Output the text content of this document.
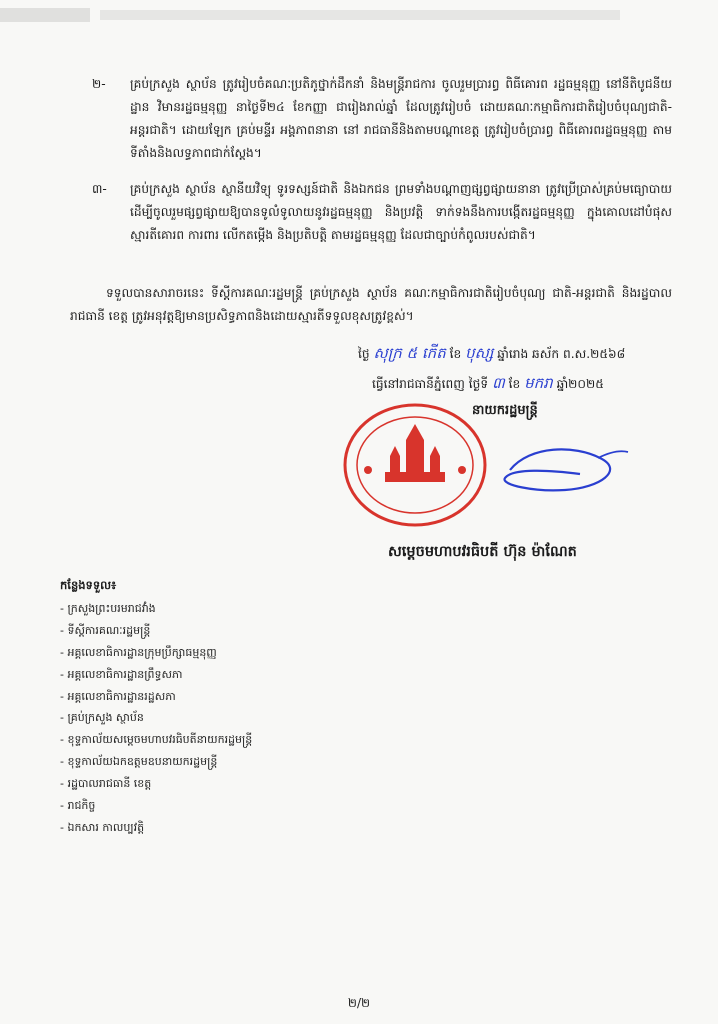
២-	គ្រប់ក្រសួង ស្ថាប័ន ត្រូវរៀបចំគណៈប្រតិភូថ្នាក់ដឹកនាំ និងមន្ត្រីរាជការ ចូលរួមប្រារព្ធ ពិធីគោរព រដ្ឋធម្មនុញ្ញ នៅនីតិបូជនីយដ្ឋាន វិមានរដ្ឋធម្មនុញ្ញ នាថ្ងៃទី២៤ ខែកញ្ញា ជារៀងរាល់ឆ្នាំ ដែលត្រូវរៀបចំ ដោយគណៈកម្មាធិការជាតិរៀបចំបុណ្យជាតិ-អន្តរជាតិ។ ដោយឡែក គ្រប់មន្ទីរ អង្គភាពនានា នៅ រាជធានីនិងតាមបណ្តាខេត្ត ត្រូវរៀបចំប្រារព្ធ ពិធីគោរពរដ្ឋធម្មនុញ្ញ តាមទីតាំងនិងលទ្ធភាពជាក់ស្តែង។
៣-	គ្រប់ក្រសួង ស្ថាប័ន ស្ថានីយវិទ្យុ ទូរទស្សន៍ជាតិ និងឯកជន ព្រមទាំងបណ្តាញផ្សព្វផ្សាយនានា ត្រូវប្រើប្រាស់គ្រប់មធ្យោបាយដើម្បីចូលរួមផ្សព្វផ្សាយឱ្យបានទូលំទូលាយនូវរដ្ឋធម្មនុញ្ញ និងប្រវត្តិ ទាក់ទងនឹងការបង្កើតរដ្ឋធម្មនុញ្ញ ក្នុងគោលដៅបំផុសស្មារតីគោរព ការពារ លើកតម្កើង និងប្រតិបត្តិ តាមរដ្ឋធម្មនុញ្ញ ដែលជាច្បាប់កំពូលរបស់ជាតិ។
ទទួលបានសារាចរនេះ ទីស្តីការគណៈរដ្ឋមន្ត្រី គ្រប់ក្រសួង ស្ថាប័ន គណៈកម្មាធិការជាតិរៀបចំបុណ្យ ជាតិ-អន្តរជាតិ និងរដ្ឋបាលរាជធានី ខេត្ត ត្រូវអនុវត្តឱ្យមានប្រសិទ្ធភាពនិងដោយស្មារតីទទួលខុសត្រូវខ្ពស់។
ថ្ងៃ សុក្រ ៥ កើត ខែ បុស្ស ឆ្នាំរោង ឆស័ក ព.ស.២៥៦៨
ធ្វើនៅរាជធានីភ្នំពេញ ថ្ងៃទី ៣ ខែ មករា ឆ្នាំ២០២៥
នាយករដ្ឋមន្ត្រី
សម្តេចមហាបវរធិបតី ហ៊ុន ម៉ាណែត
កន្លែងទទួល៖
- ក្រសួងព្រះបរមរាជវាំង
- ទីស្តីការគណៈរដ្ឋមន្ត្រី
- អគ្គលេខាធិការដ្ឋានក្រុមប្រឹក្សាធម្មនុញ្ញ
- អគ្គលេខាធិការដ្ឋានព្រឹទ្ធសភា
- អគ្គលេខាធិការដ្ឋានរដ្ឋសភា
- គ្រប់ក្រសួង ស្ថាប័ន
- ខុទ្ទកាល័យសម្តេចមហាបវរធិបតីនាយករដ្ឋមន្ត្រី
- ខុទ្ទកាល័យឯកឧត្តមឧបនាយករដ្ឋមន្ត្រី
- រដ្ឋបាលរាជធានី ខេត្ត
- រាជកិច្ច
- ឯកសារ កាលប្បវត្តិ
២/២
